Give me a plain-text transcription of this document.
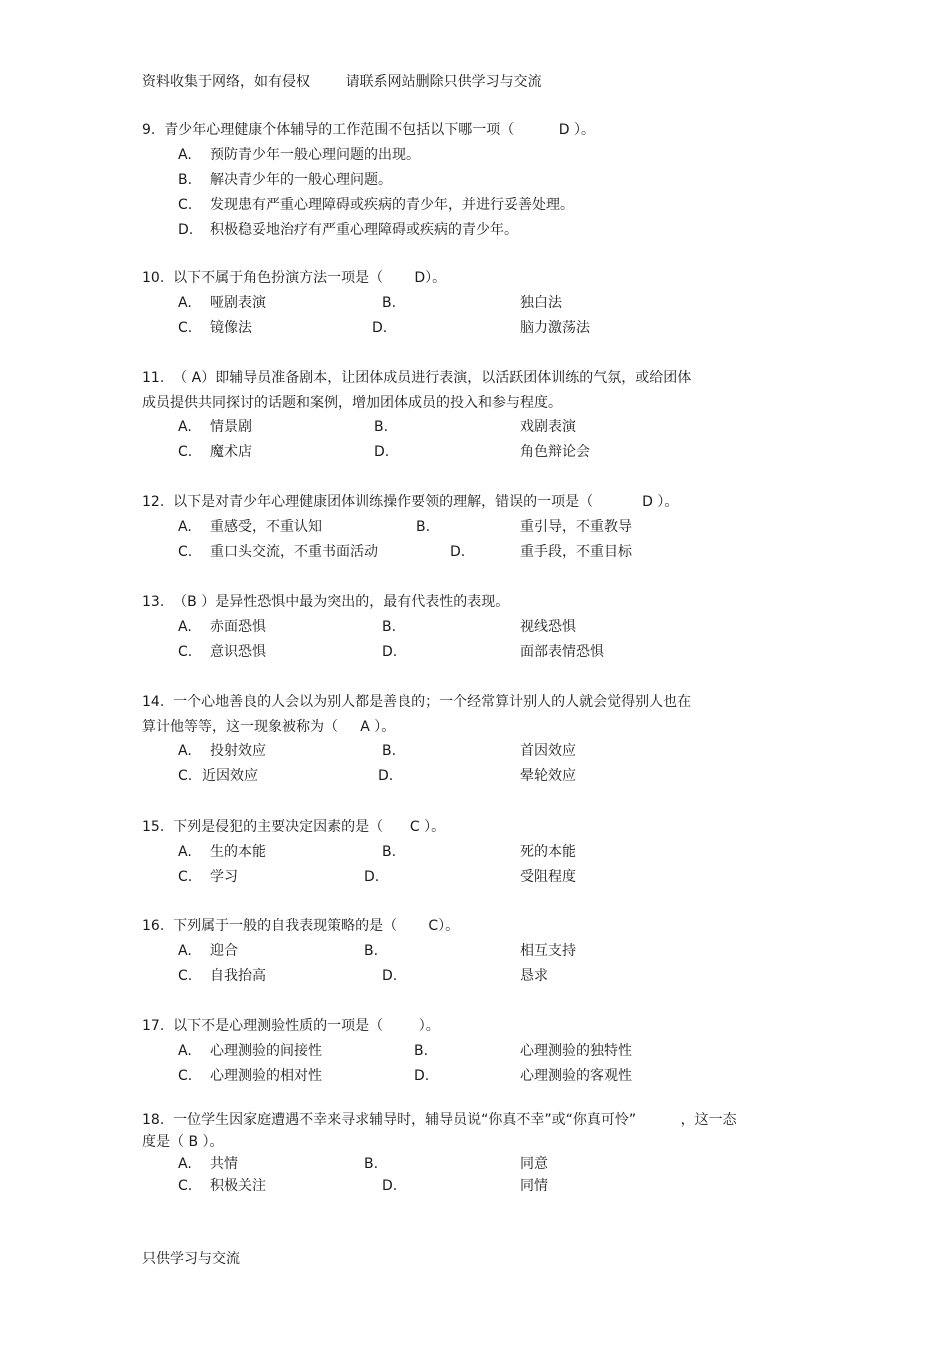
资料收集于网络，如有侵权        请联系网站删除只供学习与交流
9.  青少年心理健康个体辅导的工作范围不包括以下哪一项（          D ）。
A. 预防青少年一般心理问题的出现。
B. 解决青少年的一般心理问题。
C. 发现患有严重心理障碍或疾病的青少年，并进行妥善处理。
D. 积极稳妥地治疗有严重心理障碍或疾病的青少年。
10.  以下不属于角色扮演方法一项是（       D）。
A. 哑剧表演	B.	独白法
C. 镜像法	D.	脑力激荡法
11.  （ A）即辅导员准备剧本，让团体成员进行表演，以活跃团体训练的气氛，或给团体
成员提供共同探讨的话题和案例，增加团体成员的投入和参与程度。
A. 情景剧	B.	戏剧表演
C. 魔术店	D.	角色辩论会
12.  以下是对青少年心理健康团体训练操作要领的理解，错误的一项是（           D ）。
A. 重感受，不重认知	B.	重引导，不重教导
C. 重口头交流，不重书面活动	D.	重手段，不重目标
13.  （B ）是异性恐惧中最为突出的，最有代表性的表现。
A. 赤面恐惧	B.	视线恐惧
C. 意识恐惧	D.	面部表情恐惧
14.  一个心地善良的人会以为别人都是善良的；一个经常算计别人的人就会觉得别人也在
算计他等等，这一现象被称为（     A ）。
A. 投射效应	B.	首因效应
C. 近因效应	D.	晕轮效应
15.  下列是侵犯的主要决定因素的是（      C ）。
A. 生的本能	B.	死的本能
C. 学习	D.	受阻程度
16.  下列属于一般的自我表现策略的是（       C）。
A. 迎合	B.	相互支持
C. 自我抬高	D.	恳求
17.  以下不是心理测验性质的一项是（        ）。
A. 心理测验的间接性	B.	心理测验的独特性
C. 心理测验的相对性	D.	心理测验的客观性
18.  一位学生因家庭遭遇不幸来寻求辅导时，辅导员说“你真不幸”或“你真可怜”          ，这一态
度是（ B ）。
A. 共情	B.	同意
C. 积极关注	D.	同情
只供学习与交流
